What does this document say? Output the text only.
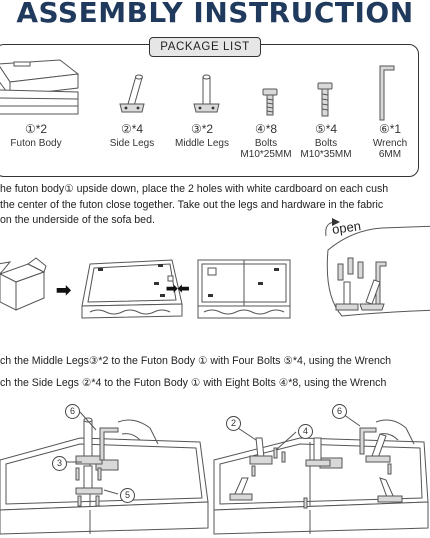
ASSEMBLY INSTRUCTION
PACKAGE LIST
①*2
Futon Body
②*4
Side Legs
③*2
Middle Legs
④*8
Bolts
M10*25MM
⑤*4
Bolts
M10*35MM
⑥*1
Wrench
6MM
he futon body① upside down, place the 2 holes with white cardboard on each cush
the center of the futon close together. Take out the legs and hardware in the fabric
on the underside of the sofa bed.
➡	➡⬅
open
ch the Middle Legs③*2 to the Futon Body ① with Four Bolts ⑤*4, using the Wrench
ch the Side Legs ②*4 to the Futon Body ① with Eight Bolts ④*8, using the Wrench
6
3
5
2
4
6
